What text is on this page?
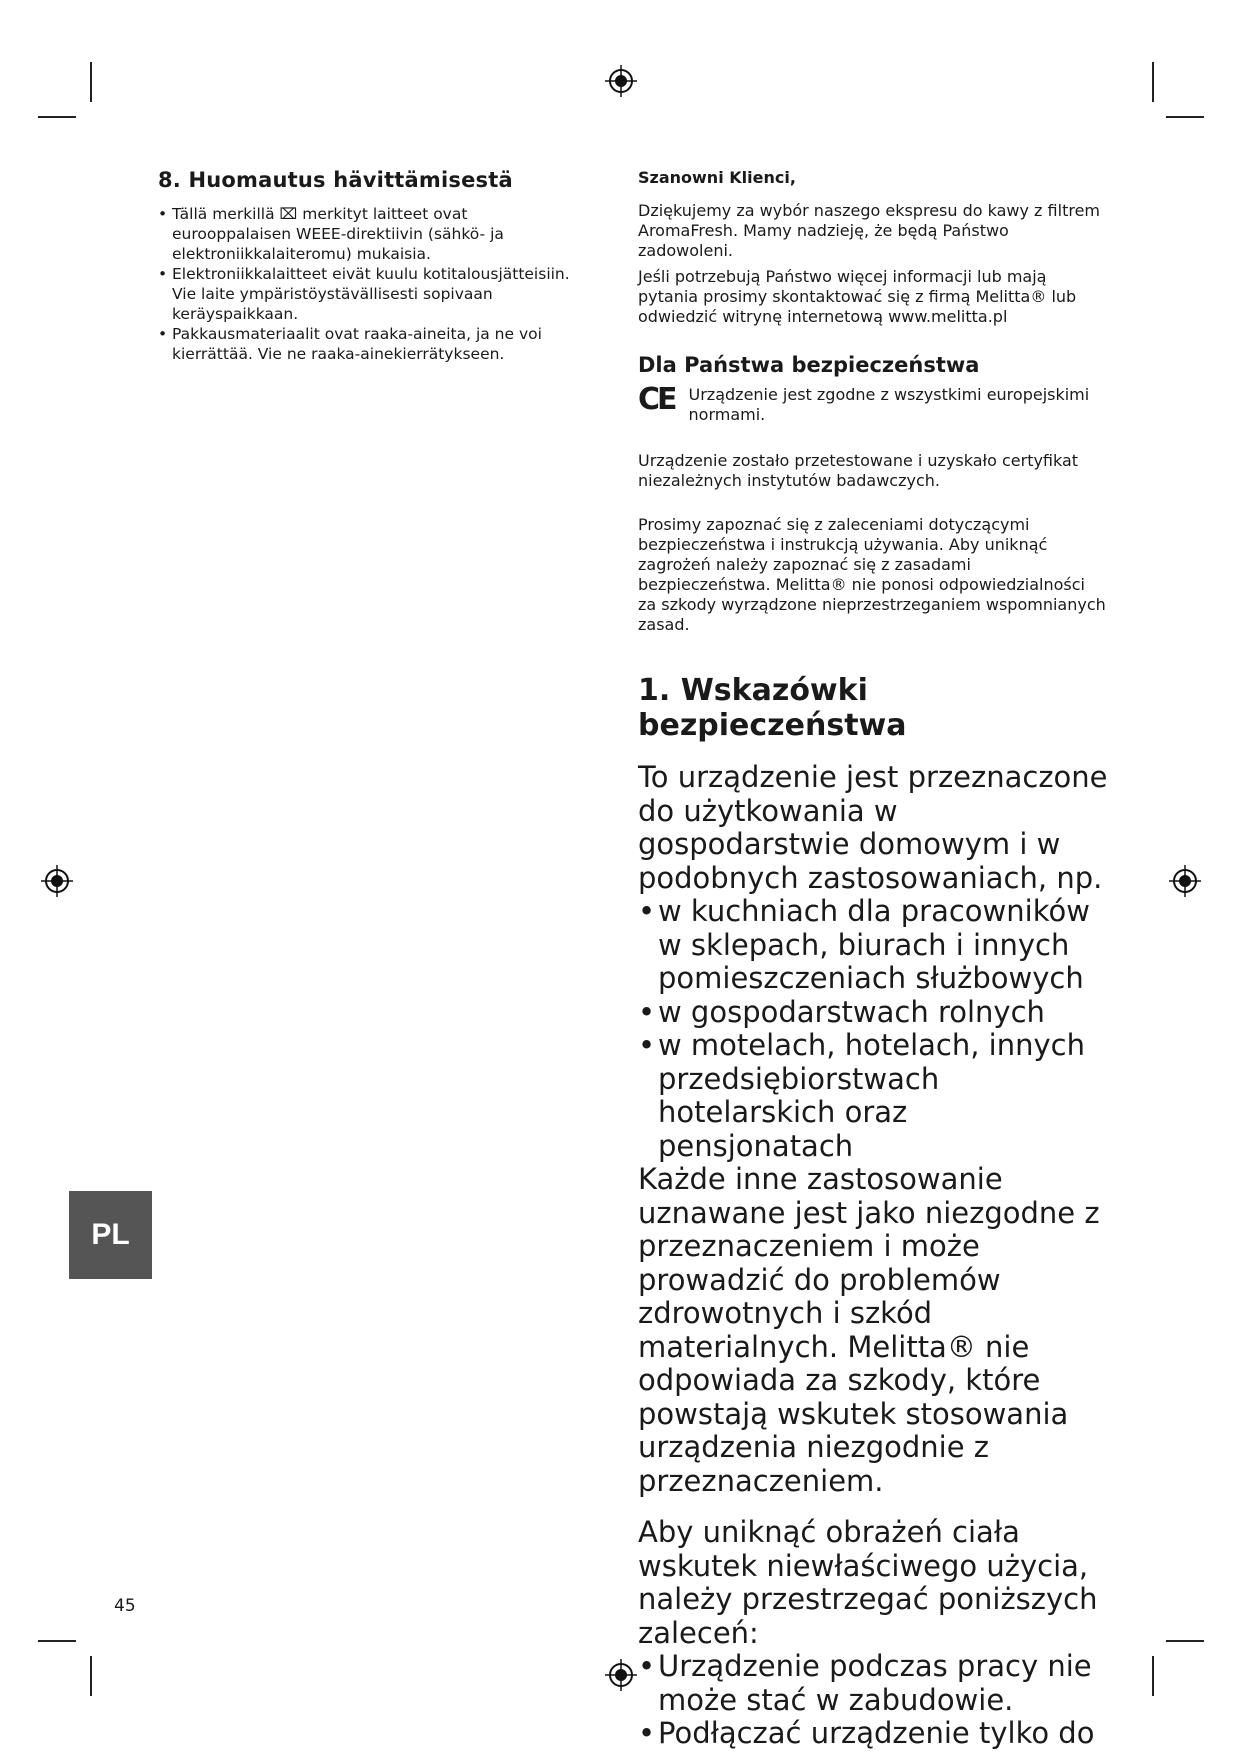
8. Huomautus hävittämisestä
• Tällä merkillä ⌧ merkityt laitteet ovat eurooppalaisen WEEE-direktiivin (sähkö- ja elektroniikkalaiteromu) mukaisia.
• Elektroniikkalaitteet eivät kuulu kotitalousjätteisiin. Vie laite ympäristöystävällisesti sopivaan keräyspaikkaan.
• Pakkausmateriaalit ovat raaka-aineita, ja ne voi kierrättää. Vie ne raaka-ainekierrätykseen.

Szanowni Klienci,

Dziękujemy za wybór naszego ekspresu do kawy z filtrem AromaFresh. Mamy nadzieję, że będą Państwo zadowoleni.

Jeśli potrzebują Państwo więcej informacji lub mają pytania prosimy skontaktować się z firmą Melitta® lub odwiedzić witrynę internetową www.melitta.pl

Dla Państwa bezpieczeństwa
CE Urządzenie jest zgodne z wszystkimi europejskimi normami.

Urządzenie zostało przetestowane i uzyskało certyfikat niezależnych instytutów badawczych.

Prosimy zapoznać się z zaleceniami dotyczącymi bezpieczeństwa i instrukcją używania. Aby uniknąć zagrożeń należy zapoznać się z zasadami bezpieczeństwa. Melitta® nie ponosi odpowiedzialności za szkody wyrządzone nieprzestrzeganiem wspomnianych zasad.

1. Wskazówki bezpieczeństwa

To urządzenie jest przeznaczone do użytkowania w gospodarstwie domowym i w podobnych zastosowaniach, np.

• w kuchniach dla pracowników w sklepach, biurach i innych pomieszczeniach służbowych
• w gospodarstwach rolnych
• w motelach, hotelach, innych przedsiębiorstwach hotelarskich oraz pensjonatach

Każde inne zastosowanie uznawane jest jako niezgodne z przeznaczeniem i może prowadzić do problemów zdrowotnych i szkód materialnych. Melitta® nie odpowiada za szkody, które powstają wskutek stosowania urządzenia niezgodnie z przeznaczeniem.

Aby uniknąć obrażeń ciała wskutek niewłaściwego użycia, należy przestrzegać poniższych zaleceń:

• Urządzenie podczas pracy nie może stać w zabudowie.
• Podłączać urządzenie tylko do
PL
45
